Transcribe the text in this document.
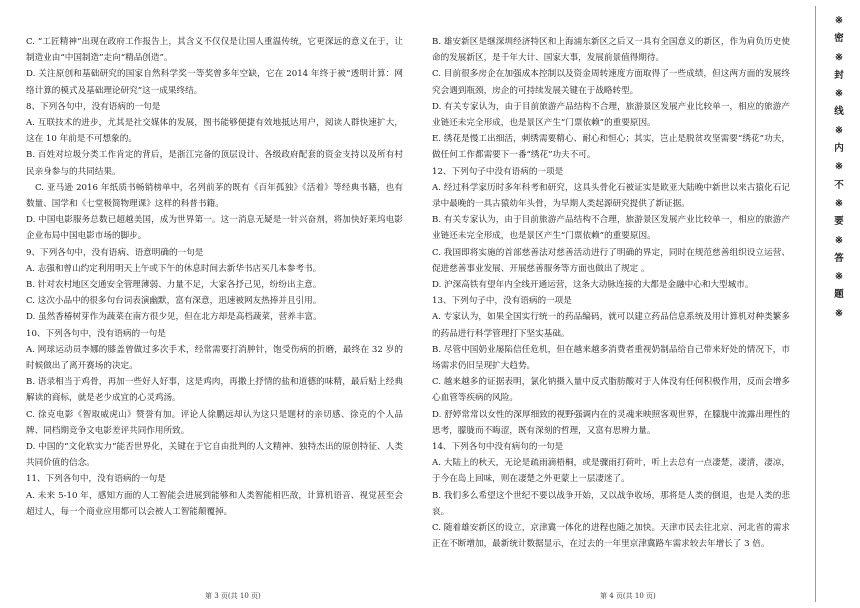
C. “工匠精神”出现在政府工作报告上，其含义不仅仅是让国人重温传统，它更深远的意义在于，让制造业由“中国制造”走向“精品创造”。

D. 关注原创和基础研究的国家自然科学奖一等奖曾多年空缺，它在 2014 年终于被“透明计算：网络计算的模式及基础理论研究”这一成果终结。

8、下列各句中，没有语病的一句是

A. 互联技术的进步，尤其是社交媒体的发展，图书能够便捷有效地抵达用户，阅读人群快速扩大，这在 10 年前是不可想象的。

B. 百姓对垃圾分类工作肯定的背后，是浙江完备的顶层设计、各级政府配套的资金支持以及所有村民亲身参与的共同结果。

C. 亚马逊 2016 年纸质书畅销榜单中，名列前茅的既有《百年孤独》《活着》等经典书籍，也有数量、国学和《七堂极简物理课》这样的科普书籍。

D. 中国电影服务总数已超越美国，成为世界第一。这一消息无疑是一针兴奋剂，将加快好莱坞电影企业布局中国电影市场的脚步。

9、下列各句中，没有语病、语意明确的一句是

A. 志强和曾山约定利用明天上午或下午的休息时间去新华书店买几本参考书。

B. 针对农村地区交通安全管理薄弱、力量不足，大家各抒己见，纷纷出主意。

C. 这次小品中的很多句台词表演幽默，富有深意，迅速被网友热捧并且引用。

D. 虽然香椿树芽作为蔬菜在南方很少见，但在北方却是高档蔬菜，营养丰富。

10、下列各句中，没有语病的一句是

A. 网球运动员李娜的膝盖曾做过多次手术，经常需要打消肿针，饱受伤病的折磨，最终在 32 岁的时候做出了离开赛场的决定。

B. 语录相当于鸡骨，再加一些好人好事，这是鸡肉，再撒上抒情的盐和道德的味精，最后贴上经典解读的商标，就是老少成宜的心灵鸡汤。

C. 徐克电影《智取威虎山》赞誉有加。评论人徐鹏远却认为这只是题材的亲切感、徐克的个人品牌、同档期竞争文电影差评共同作用所致。

D. 中国的“文化软实力”能否世界化，关键在于它自由批判的人文精神、独特杰出的原创特征、人类共同价值的信念。

11、下列各句中，没有语病的一句是

A. 未来 5-10 年，感知方面的人工智能会进展到能够和人类智能相匹敌，计算机语音、视觉甚至会超过人，每一个商业应用都可以会被人工智能颠覆掉。

B. 雄安新区是继深圳经济特区和上海浦东新区之后又一具有全国意义的新区，作为肩负历史使命的发展新区，是千年大计、国家大事，发展前景值得期待。

C. 目前很多房企在加强成本控制以及资金周转速度方面取得了一些成绩，但这两方面的发展终究会遇到瓶颈，房企的可持续发展关键在于战略转型。

D. 有关专家认为，由于目前旅游产品结构不合理，旅游景区发展产业比较单一，相应的旅游产业链还未完全形成，也是景区产生“门票依赖”的重要原因。

E. 绣花是慢工出细活，刺绣需要精心、耐心和恒心；其实，岂止是脱贫攻坚需要“绣花”功夫，做任何工作都需要下一番“绣花”功夫不可。

12、下列句子中没有语病的一项是

A. 经过科学家历时多年科考和研究，这具头骨化石被证实是欧亚大陆晚中新世以来古猿化石记录中最晚的一具古猿幼年头骨，为早期人类起源研究提供了新证据。

B. 有关专家认为，由于目前旅游产品结构不合理，旅游景区发展产业比较单一，相应的旅游产业链还未完全形成，也是景区产生“门票依赖”的重要原因。

C. 我国即将实施的首部慈善法对慈善活动进行了明确的界定，同时在规范慈善组织设立运营、促进慈善事业发展、开展慈善服务等方面也做出了规定 。

D. 沪深高铁有望年内全线开通运营，这条大动脉连接的大都是金融中心和大型城市。

13、下列句子中，没有语病的一项是

A. 专家认为，如果全国实行统一的药品编码，就可以建立药品信息系统及用计算机对种类繁多的药品进行科学管理打下坚实基础。

B. 尽管中国奶业屡陷信任危机，但在越来越多消费者重视奶制品给自己带来好处的情况下，市场需求仍旧呈现扩大趋势。

C. 越来越多的证据表明，氯化钠摄入量中反式脂肪酸对于人体没有任何积极作用，反而会增多心血管等疾病的风险。

D. 舒婷常常以女性的深厚细致的视野强调内在的灵魂来映照客观世界，在朦胧中流露出理性的思考，朦胧而不晦涩，既有深刻的哲理，又富有思辨力量。

14、下列各句中没有病句的一句是

A. 大陆上的秋天，无论是疏雨滴梧桐，或是骤雨打荷叶，听上去总有一点凄楚，凄清，凄凉，于今在岛上回味，则在凄楚之外更蒙上一层凄迷了。

B. 我们多么希望这个世纪不要以战争开始，又以战争收场，那将是人类的倒退，也是人类的悲哀。

C. 随着雄安新区的设立，京津冀一体化的进程也随之加快。天津市民去往北京、河北省的需求正在不断增加，最新统计数据显示，在过去的一年里京津冀路车需求较去年增长了 3 倍。

第 3 页(共 10 页)	第 4 页(共 10 页)
※
密
※
封
※
线
※
内
※
不
※
要
※
答
※
题
※
